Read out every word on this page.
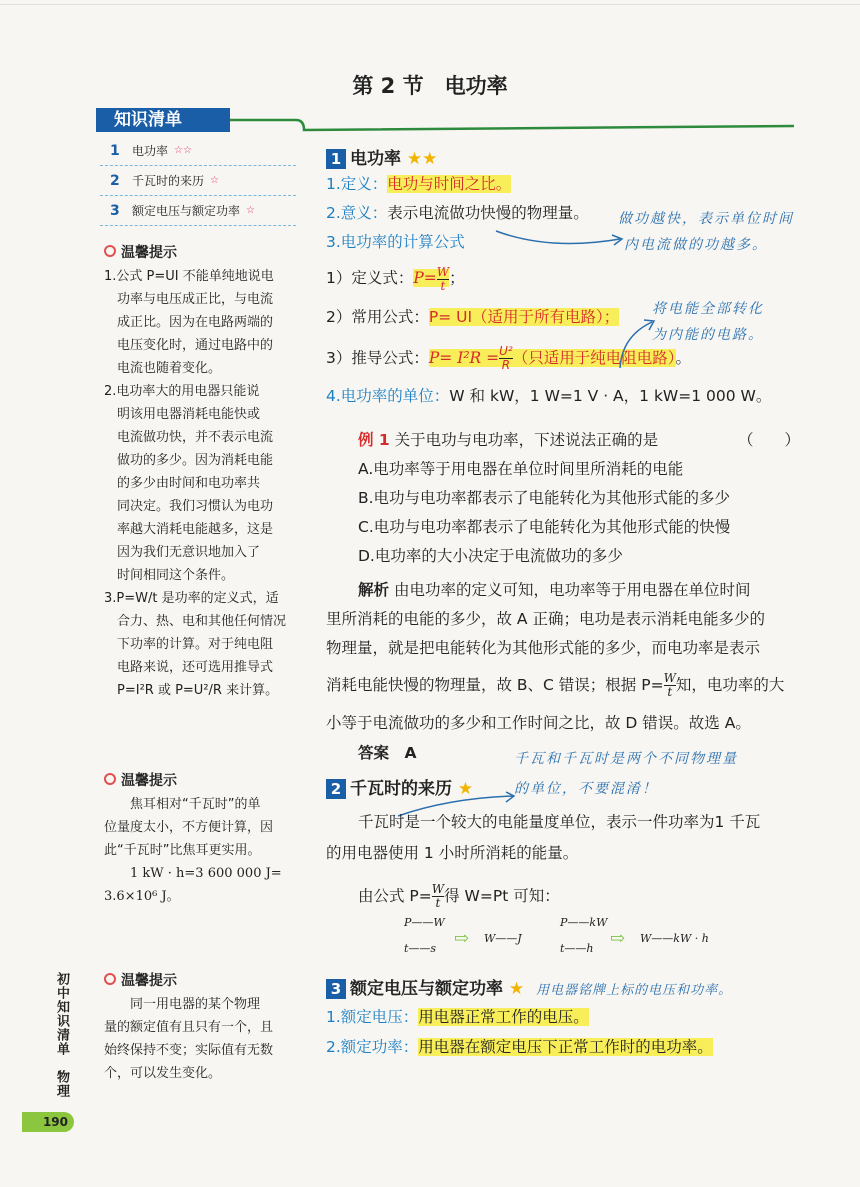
第 2 节　电功率
知识清单
1	电功率 ☆☆
2	千瓦时的来历 ☆
3	额定电压与额定功率 ☆
温馨提示
1.公式 P=UI 不能单纯地说电
功率与电压成正比，与电流
成正比。因为在电路两端的
电压变化时，通过电路中的
电流也随着变化。
2.电功率大的用电器只能说
明该用电器消耗电能快或
电流做功快，并不表示电流
做功的多少。因为消耗电能
的多少由时间和电功率共
同决定。我们习惯认为电功
率越大消耗电能越多，这是
因为我们无意识地加入了
时间相同这个条件。
3.P=W/t 是功率的定义式，适
合力、热、电和其他任何情况
下功率的计算。对于纯电阻
电路来说，还可选用推导式
P=I²R 或 P=U²/R 来计算。
温馨提示
焦耳相对“千瓦时”的单
位量度太小，不方便计算，因
此“千瓦时”比焦耳更实用。
1 kW · h=3 600 000 J=
3.6×10⁶ J。
温馨提示
同一用电器的某个物理
量的额定值有且只有一个，且
始终保持不变；实际值有无数
个，可以发生变化。
初中知识清单　物理
190
1 电功率 ★★
1.定义：电功与时间之比。
2.意义：表示电流做功快慢的物理量。
3.电功率的计算公式
1）定义式：$P= \frac{W}{t}$ ；
2）常用公式：P= UI（适用于所有电路）；
3）推导公式：$P= I^2R = \frac{\text{U²}}{R}$ （只适用于纯电阻电路）。
4.电功率的单位：W 和 kW，1 W=1 V · A，1 kW=1 000 W。
做功越快，表示单位时间
内电流做的功越多。
将电能全部转化
为内能的电路。
例 1 关于电功与电功率，下述说法正确的是	（　　）
A.电功率等于用电器在单位时间里所消耗的电能
B.电功与电功率都表示了电能转化为其他形式能的多少
C.电功与电功率都表示了电能转化为其他形式能的快慢
D.电功率的大小决定于电流做功的多少
解析 由电功率的定义可知，电功率等于用电器在单位时间
里所消耗的电能的多少，故 A 正确；电功是表示消耗电能多少的
物理量，就是把电能转化为其他形式能的多少，而电功率是表示
消耗电能快慢的物理量，故 B、C 错误；根据 $P= \frac{W}{t}$ 知，电功率的大
小等于电流做功的多少和工作时间之比，故 D 错误。故选 A。
答案　A	千瓦和千瓦时是两个不同物理量
的单位，不要混淆！
2 千瓦时的来历 ★
千瓦时是一个较大的电能量度单位，表示一件功率为1 千瓦
的用电器使用 1 小时所消耗的能量。
由公式 $P= \frac{W}{t}$ 得 W=Pt 可知：
P——W
t——s ⇨ W——J
P——kW
t——h ⇨ W——kW · h
3 额定电压与额定功率 ★ 用电器铭牌上标的电压和功率。
1.额定电压：用电器正常工作的电压。
2.额定功率：用电器在额定电压下正常工作时的电功率。
